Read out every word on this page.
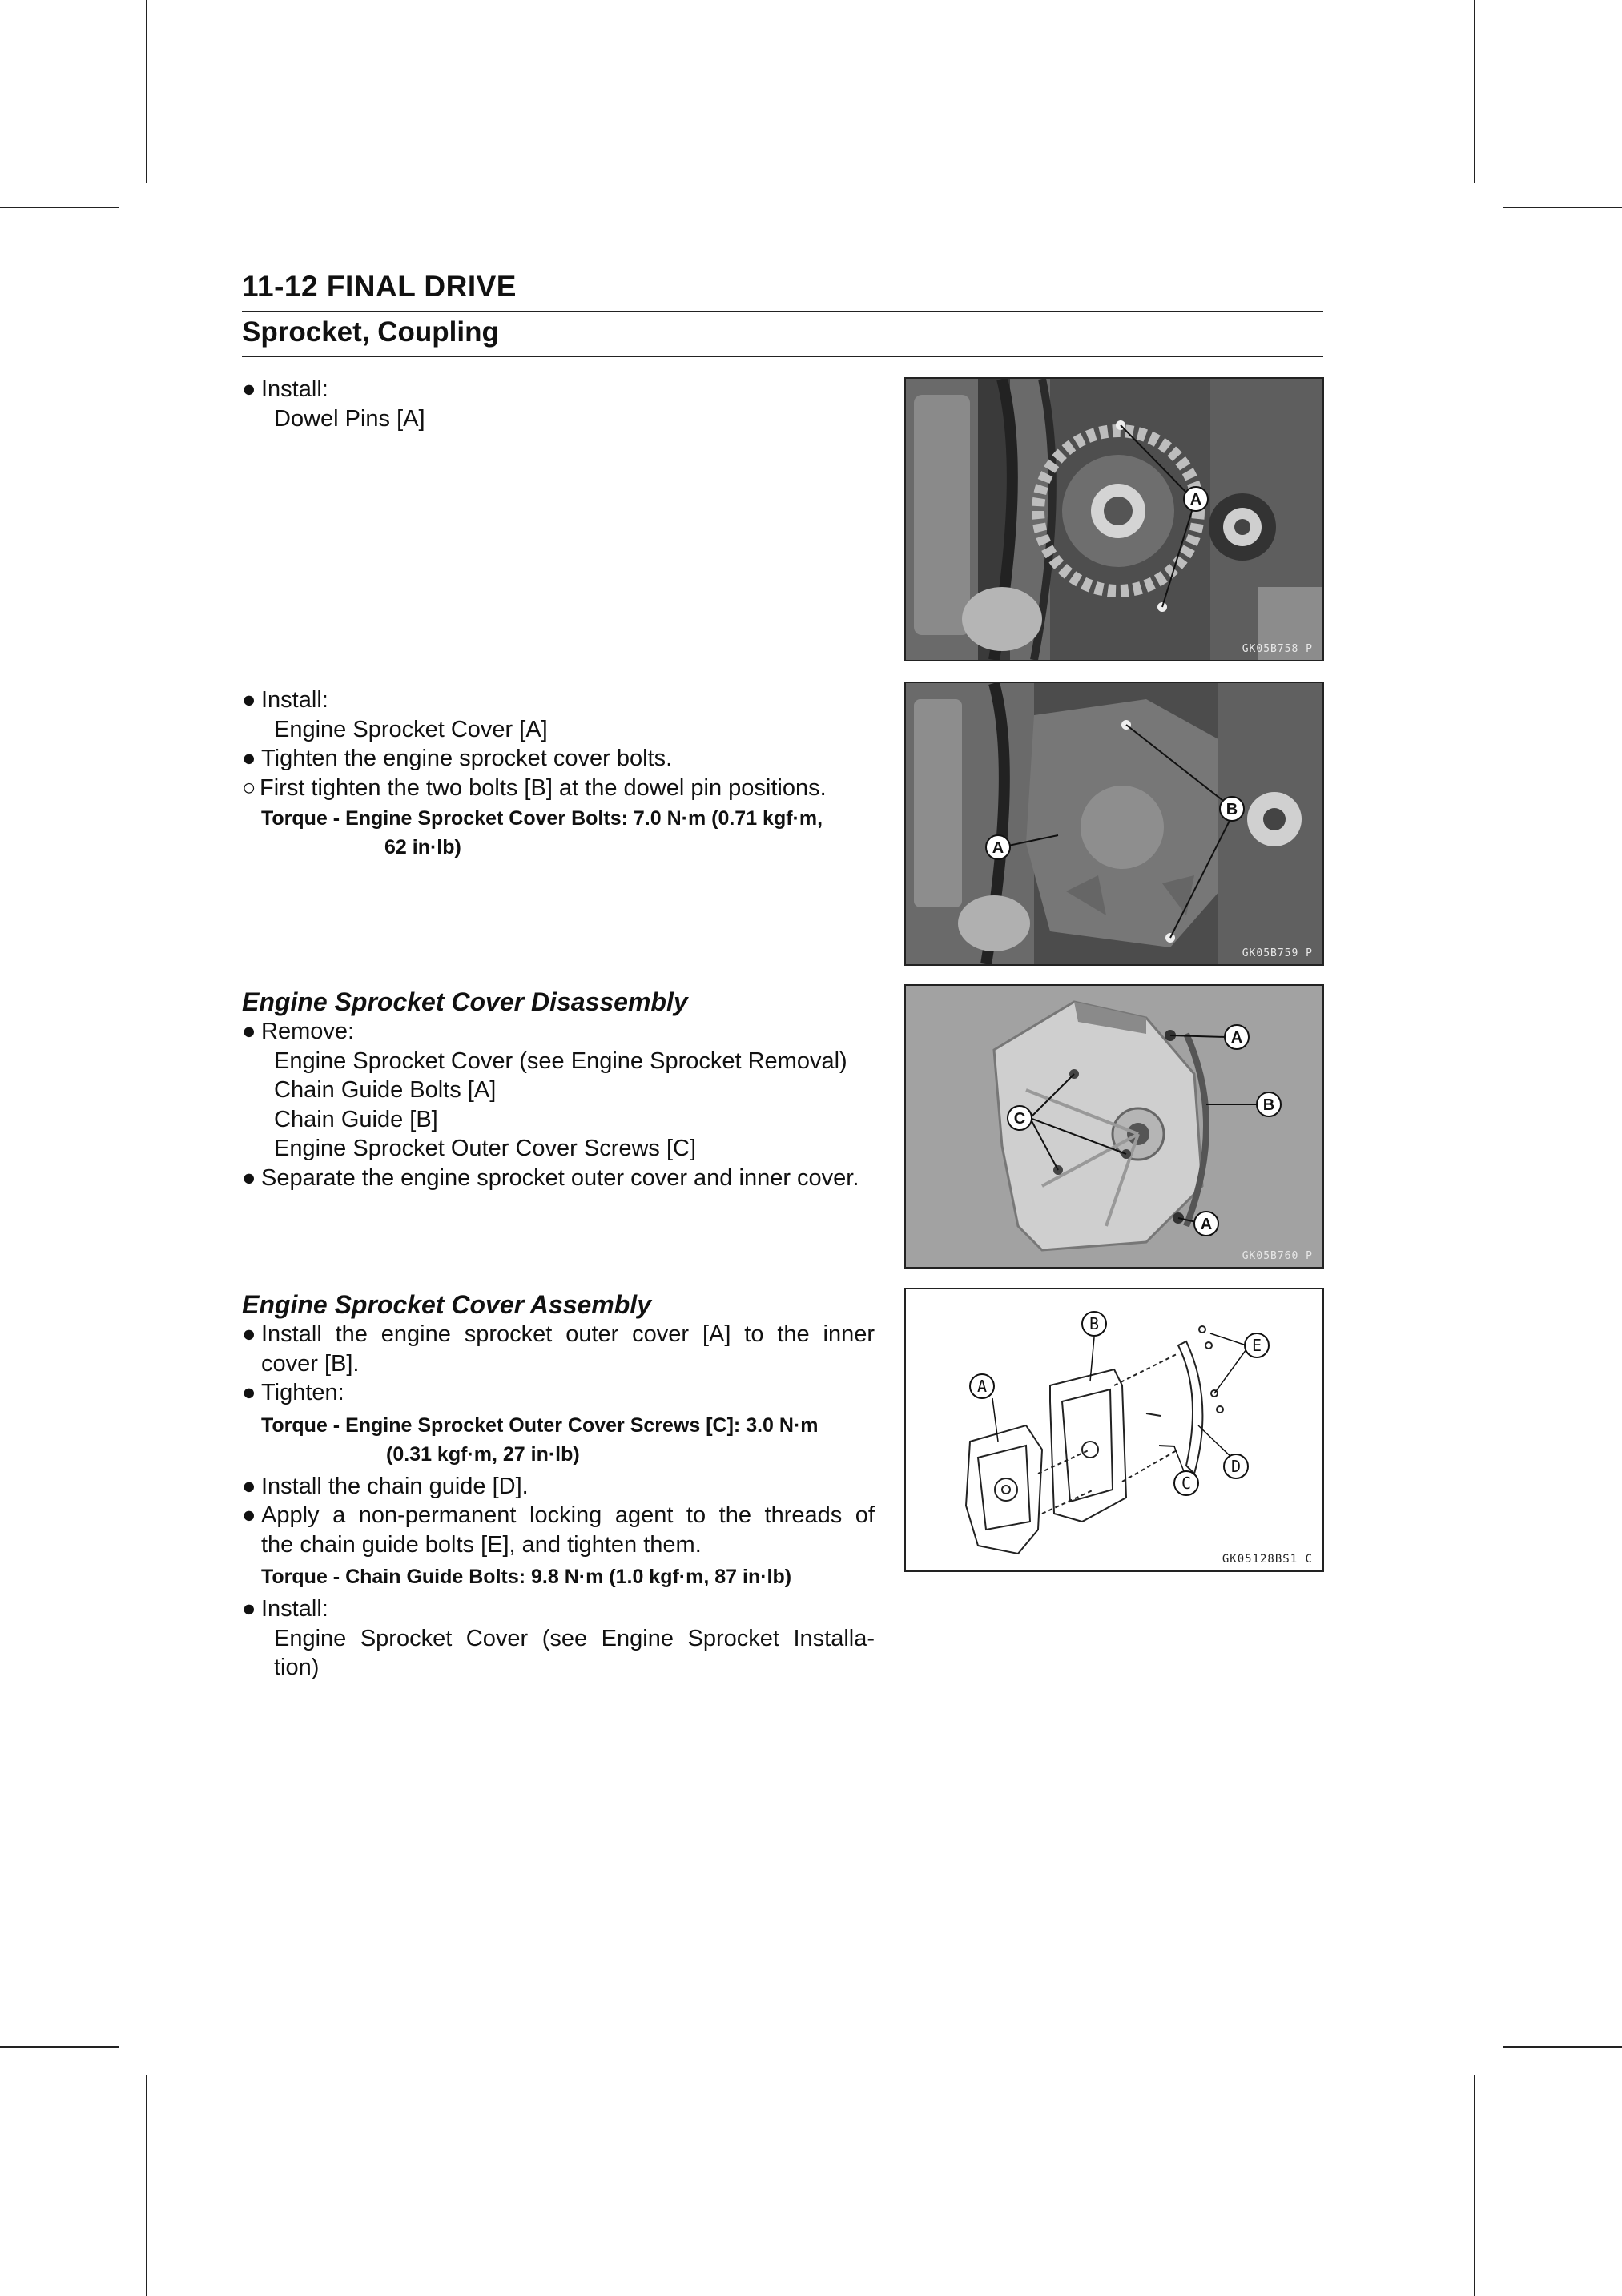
11-12 FINAL DRIVE
Sprocket, Coupling
● Install:
Dowel Pins [A]
● Install:
Engine Sprocket Cover [A]
● Tighten the engine sprocket cover bolts.
○ First tighten the two bolts [B] at the dowel pin positions.
Torque - Engine Sprocket Cover Bolts: 7.0 N·m (0.71 kgf·m,
62 in·lb)
Engine Sprocket Cover Disassembly
● Remove:
Engine Sprocket Cover (see Engine Sprocket Removal)
Chain Guide Bolts [A]
Chain Guide [B]
Engine Sprocket Outer Cover Screws [C]
● Separate the engine sprocket outer cover and inner cover.
Engine Sprocket Cover Assembly
● Install the engine sprocket outer cover [A] to the inner
cover [B].
● Tighten:
Torque - Engine Sprocket Outer Cover Screws [C]: 3.0 N·m
(0.31 kgf·m, 27 in·lb)
● Install the chain guide [D].
● Apply a non-permanent locking agent to the threads of
the chain guide bolts [E], and tighten them.
Torque - Chain Guide Bolts: 9.8 N·m (1.0 kgf·m, 87 in·lb)
● Install:
Engine Sprocket Cover (see Engine Sprocket Installa-
tion)
A
GK05B758 P
B
A
GK05B759 P
A
B
A
C
GK05B760 P
A
B
E
D
C
GK05128BS1 C
